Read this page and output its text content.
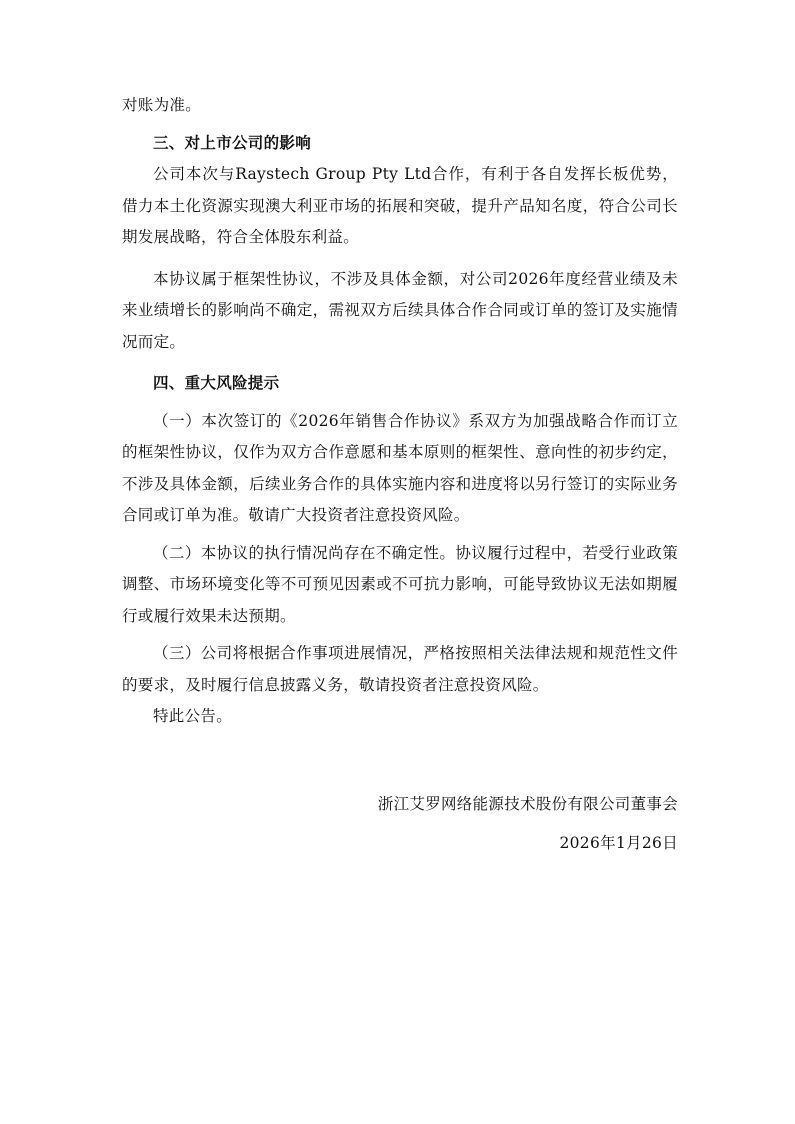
对账为准。

三、对上市公司的影响

公司本次与Raystech Group Pty Ltd合作，有利于各自发挥长板优势，借力本土化资源实现澳大利亚市场的拓展和突破，提升产品知名度，符合公司长期发展战略，符合全体股东利益。

本协议属于框架性协议，不涉及具体金额，对公司2026年度经营业绩及未来业绩增长的影响尚不确定，需视双方后续具体合作合同或订单的签订及实施情况而定。

四、重大风险提示

（一）本次签订的《2026年销售合作协议》系双方为加强战略合作而订立的框架性协议，仅作为双方合作意愿和基本原则的框架性、意向性的初步约定，不涉及具体金额，后续业务合作的具体实施内容和进度将以另行签订的实际业务合同或订单为准。敬请广大投资者注意投资风险。

（二）本协议的执行情况尚存在不确定性。协议履行过程中，若受行业政策调整、市场环境变化等不可预见因素或不可抗力影响，可能导致协议无法如期履行或履行效果未达预期。

（三）公司将根据合作事项进展情况，严格按照相关法律法规和规范性文件的要求，及时履行信息披露义务，敬请投资者注意投资风险。

特此公告。

浙江艾罗网络能源技术股份有限公司董事会

2026年1月26日
